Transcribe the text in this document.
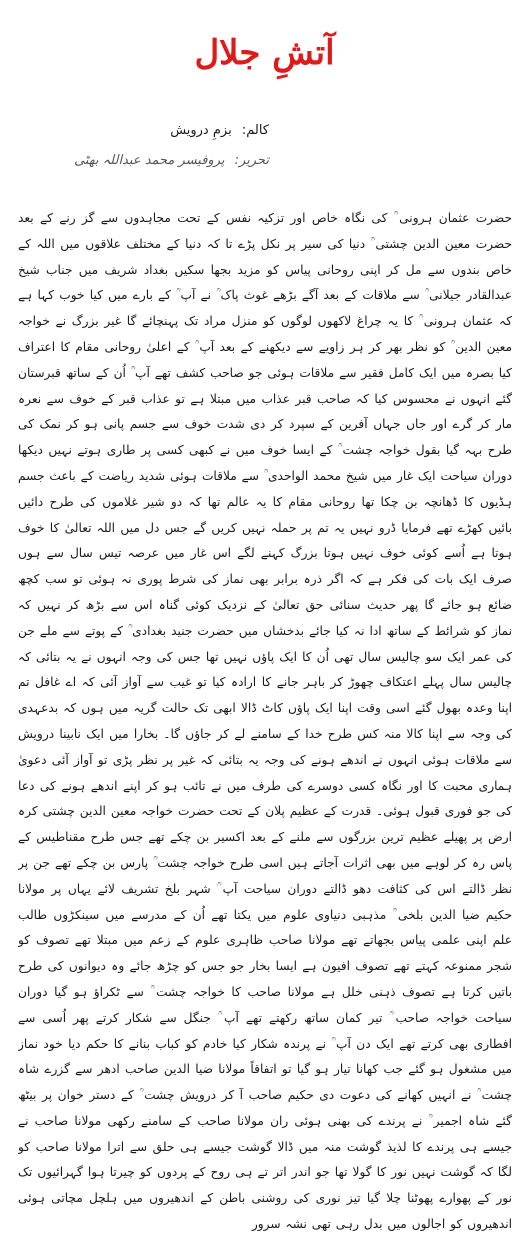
آتشِ جلال
کالم: بزمِ درویش
تحریر: پروفیسر محمد عبداللہ بھٹی
حضرت عثمان ہرونی ؒ کی نگاہ خاص اور تزکیہ نفس کے تحت مجاہدوں سے گز رنے کے بعد حضرت معین الدین چشتی ؒ دنیا کی سیر پر نکل پڑے تا کہ دنیا کے مختلف علاقوں میں اللہ کے خاص بندوں سے مل کر اپنی روحانی پیاس کو مزید بجھا سکیں بغداد شریف میں جناب شیخ عبدالقادر جیلانی ؒ سے ملاقات کے بعد آگے بڑھے غوث پاک ؒ نے آپ ؒ کے بارے میں کیا خوب کہا ہے کہ عثمان ہرونی ؒ کا یہ چراغ لاکھوں لوگوں کو منزل مراد تک پہنچائے گا غیر بزرگ نے خواجہ معین الدین ؒ کو نظر بھر کر ہر زاویے سے دیکھنے کے بعد آپ ؒ کے اعلیٰ روحانی مقام کا اعتراف کیا بصرہ میں ایک کامل فقیر سے ملاقات ہوئی جو صاحب کشف تھے آپ ؒ اُن کے ساتھ قبرستان گئے انہوں نے محسوس کیا کہ صاحب قبر عذاب میں مبتلا ہے تو عذاب قبر کے خوف سے نعرہ مار کر گرے اور جاں جہاں آفرین کے سپرد کر دی شدت خوف سے جسم پانی ہو کر نمک کی طرح بہہ گیا بقول خواجہ چشت ؒ کے ایسا خوف میں نے کبھی کسی پر طاری ہوتے نہیں دیکھا دوران سیاحت ایک غار میں شیخ محمد الواحدی ؒ سے ملاقات ہوئی شدید ریاضت کے باعث جسم ہڈیوں کا ڈھانچہ بن چکا تھا روحانی مقام کا یہ عالم تھا کہ دو شیر غلاموں کی طرح دائیں بائیں کھڑے تھے فرمایا ڈرو نہیں یہ تم پر حملہ نہیں کریں گے جس دل میں اللہ تعالیٰ کا خوف ہوتا ہے اُسے کوئی خوف نہیں ہوتا بزرگ کہنے لگے اس غار میں عرصہ تیس سال سے ہوں صرف ایک بات کی فکر ہے کہ اگر ذرہ برابر بھی نماز کی شرط پوری نہ ہوئی تو سب کچھ ضائع ہو جائے گا پھر حدیث سنائی حق تعالیٰ کے نزدیک کوئی گناہ اس سے بڑھ کر نہیں کہ نماز کو شرائط کے ساتھ ادا نہ کیا جائے بدخشاں میں حضرت جنید بغدادی ؒ کے پوتے سے ملے جن کی عمر ایک سو چالیس سال تھی اُن کا ایک پاؤں نہیں تھا جس کی وجہ انہوں نے یہ بتائی کہ چالیس سال پہلے اعتکاف چھوڑ کر باہر جانے کا ارادہ کیا تو غیب سے آواز آئی کہ اے غافل تم اپنا وعدہ بھول گئے اسی وقت اپنا ایک پاؤں کاٹ ڈالا ابھی تک حالت گریہ میں ہوں کہ بدعہدی کی وجہ سے اپنا کالا منہ کس طرح خدا کے سامنے لے کر جاؤں گا۔ بخارا میں ایک نابینا درویش سے ملاقات ہوئی انہوں نے اندھے ہونے کی وجہ یہ بتائی کہ غیر پر نظر پڑی تو آواز آئی دعویٰ ہماری محبت کا اور نگاہ کسی دوسرے کی طرف میں نے تائب ہو کر اپنے اندھے ہونے کی دعا کی جو فوری قبول ہوئی۔ قدرت کے عظیم پلان کے تحت حضرت خواجہ معین الدین چشتی کرہ ارض پر پھیلے عظیم ترین بزرگوں سے ملنے کے بعد اکسیر بن چکے تھے جس طرح مقناطیس کے پاس رہ کر لوہے میں بھی اثرات آجاتے ہیں اسی طرح خواجہ چشت ؒ پارس بن چکے تھے جن پر نظر ڈالتے اس کی کثافت دھو ڈالتے دوران سیاحت آپ ؒ شہر بلخ تشریف لائے یہاں پر مولانا حکیم ضیا الدین بلخی ؒ مذہبی دنیاوی علوم میں یکتا تھے اُن کے مدرسے میں سینکڑوں طالب علم اپنی علمی پیاس بجھاتے تھے مولانا صاحب ظاہری علوم کے زعم میں مبتلا تھے تصوف کو شجر ممنوعہ کہتے تھے تصوف افیون ہے ایسا بخار جو جس کو چڑھ جائے وہ دیوانوں کی طرح باتیں کرتا ہے تصوف ذہنی خلل ہے مولانا صاحب کا خواجہ چشت ؒ سے ٹکراؤ ہو گیا دوران سیاحت خواجہ صاحب ؒ تیر کمان ساتھ رکھتے تھے آپ ؒ جنگل سے شکار کرتے پھر اُسی سے افطاری بھی کرتے تھے ایک دن آپ ؒ نے پرندہ شکار کیا خادم کو کباب بنانے کا حکم دیا خود نماز میں مشغول ہو گئے جب کھانا تیار ہو گیا تو اتفاقاً مولانا ضیا الدین صاحب ادھر سے گزرے شاہ چشت ؒ نے انہیں کھانے کی دعوت دی حکیم صاحب آ کر درویش چشت ؒ کے دستر خوان پر بیٹھ گئے شاہ اجمیر ؒ نے پرندے کی بھنی ہوئی ران مولانا صاحب کے سامنے رکھی مولانا صاحب نے جیسے ہی پرندے کا لذیذ گوشت منہ میں ڈالا گوشت جیسے ہی حلق سے اترا مولانا صاحب کو لگا کہ گوشت نہیں نور کا گولا تھا جو اندر اتر تے ہی روح کے پردوں کو چیرتا ہوا گہرائیوں تک نور کے پھوارے پھوٹنا چلا گیا تیز نوری کی روشنی باطن کے اندھیروں میں ہلچل مچاتی ہوئی اندھیروں کو اجالوں میں بدل رہی تھی نشہ سرور
